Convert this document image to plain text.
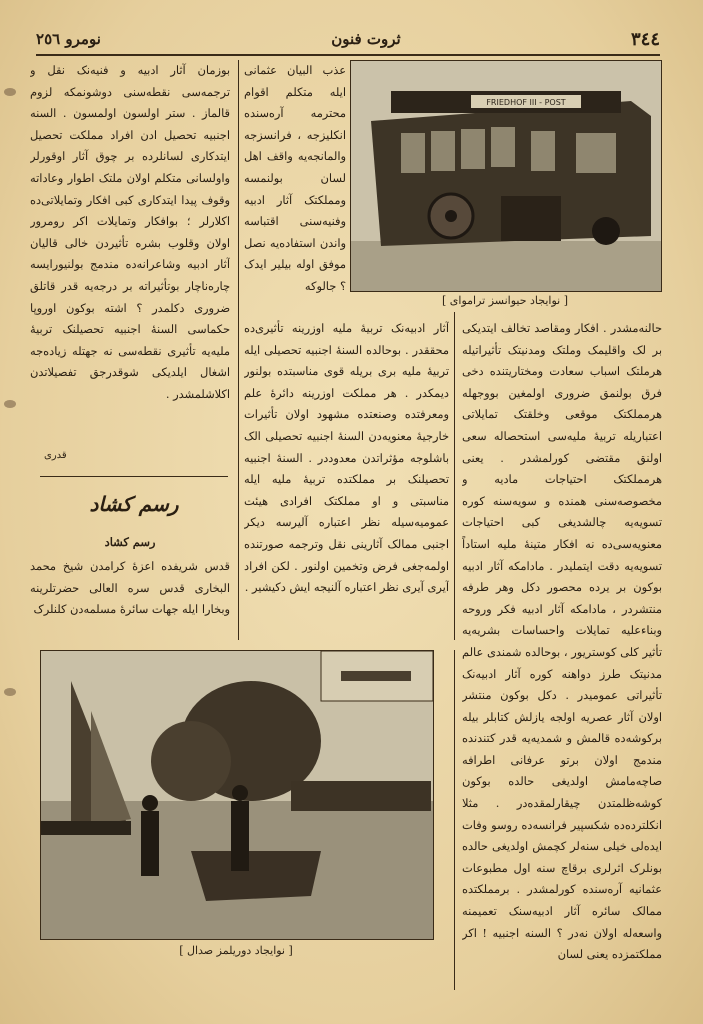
٣٤٤
ثروت فنون
نومرو ٢٥٦
FRIEDHOF III - POST
[ نوایجاد حیوانسز تراموای ]

بوزمان آثار ادبیه و فنیه‌نک نقل و ترجمه‌سی نقطه‌سنی دوشونمکه لزوم قالماز . ستر اولسون اولمسون . السنه اجنبیه تحصیل ادن افراد مملکت تحصیل ایتدکاری لسانلرده بر چوق آثار اوقورلر واولسانی متکلم اولان ملتک اطوار وعاداته وقوف پیدا ایتدکاری کبی افکار وتمایلاتی‌ده اکلارلر ؛ بوافکار وتمایلات اکر رومرور اولان وقلوب بشره تأثیردن خالی قالیان آثار ادبیه وشاعرانه‌ده مندمج بولنیورایسه چاره‌ناچار بوتأثیراته بر درجه‌یه قدر قاتلق ضروری دکلمدر ؟ اشته بوکون اوروپا حکماسی السنهٔ اجنبیه تحصیلنک تربیهٔ ملیه‌یه تأثیری نقطه‌سی نه جهتله زیاده‌جه اشغال ایلدیکی شوقدرجق تفصیلاتدن اکلاشلمشدر .

قدری
رسم کشاد
رسم کشاد

قدس شریفده اعزهٔ کرامدن شیخ محمد البخاری قدس سره العالی حضرتلرینه وبخارا ایله جهات سائرهٔ مسلمه‌دن کلنلرک

عذب البیان عثمانی ایله متکلم اقوام محترمه آره‌سنده انکلیزجه ، فرانسزجه والمانجه‌یه واقف اهل لسان بولنمسه ومملکتک آثار ادبیه وفنیه‌سنی اقتباسه واندن استفاده‌یه نصل موفق اوله بیلیر ایدک ؟ جالوکه

آثار ادبیه‌نک تربیهٔ ملیه اوزرینه تأثیری‌ده محققدر . بوحالده السنهٔ اجنبیه تحصیلی ایله تربیهٔ ملیه بری بریله قوی مناسبتده بولنور دیمکدر . هر مملکت اوزرینه دائرهٔ علم ومعرفتده وصنعتده مشهود اولان تأثیرات خارجیهٔ معنویه‌دن السنهٔ اجنبیه تحصیلی الک باشلوجه مؤثراتدن معدوددر . السنهٔ اجنبیه تحصیلنک بر مملکتده تربیهٔ ملیه ایله مناسبتی و او مملکتک افرادی هیئت عمومیه‌سیله نظر اعتباره آلیرسه دیکر اجنبی ممالک آثارینی نقل وترجمه صورتنده اولمه‌جغی فرض وتخمین اولنور . لکن افراد آیری آیری نظر اعتباره آلنیجه ایش دکیشیر .

حالنه‌مشدر . افکار ومقاصد تخالف ایتدیکی بر لک واقلیمک وملتک ومدنیتک تأثیراتیله هرملتک اسباب سعادت ومختاریتنده دخی فرق بولنمق ضروری اولمغین بووجهله هرمملکتک موقعی وخلقتک تمایلاتی اعتباریله تربیهٔ ملیه‌سی استحصاله سعی اولنق مقتضی کورلمشدر . یعنی هرمملکتک احتیاجات مادیه و مخصوصه‌سنی همنده و سویه‌سنه کوره تسویه‌یه چالشدیغی کبی احتیاجات معنویه‌سی‌ده نه افکار متینهٔ ملیه استاداً تسویه‌یه دقت ایتملیدر . مادامکه آثار ادبیه بوکون بر یرده محصور دکل وهر طرفه منتشردر ، مادامکه آثار ادبیه فکر وروحه وبناء‌علیه تمایلات واحساسات بشریه‌یه تأثیر کلی کوستریور ، بوحالده شمندی عالم مدنیتک طرز دواهنه کوره آثار ادبیه‌نک تأثیراتی عمومیدر . دکل بوکون منتشر اولان آثار عصریه اولجه یازلش کتابلر بیله برکوشه‌ده قالمش و شمدیه‌یه قدر کتندنده مندمج اولان برتو عرفانی اطرافه صاچه‌مامش اولدیغی حالده بوکون کوشه‌ظلمتدن چیقارلمقده‌در . مثلا انکلترده‌ده شکسپیر فرانسه‌ده روسو وفات ایده‌لی خیلی سنه‌لر کچمش اولدیغی حالده بونلرک اثرلری برقاچ سنه اول مطبوعات عثمانیه آره‌سنده کورلمشدر . برمملکتده ممالک سائره آثار ادبیه‌سنک تعمیمنه واسعه‌له اولان نه‌در ؟ السنه اجنبیه ! اکر مملکتمزده یعنی لسان

[ نوایجاد دوریلمز صدال ]
